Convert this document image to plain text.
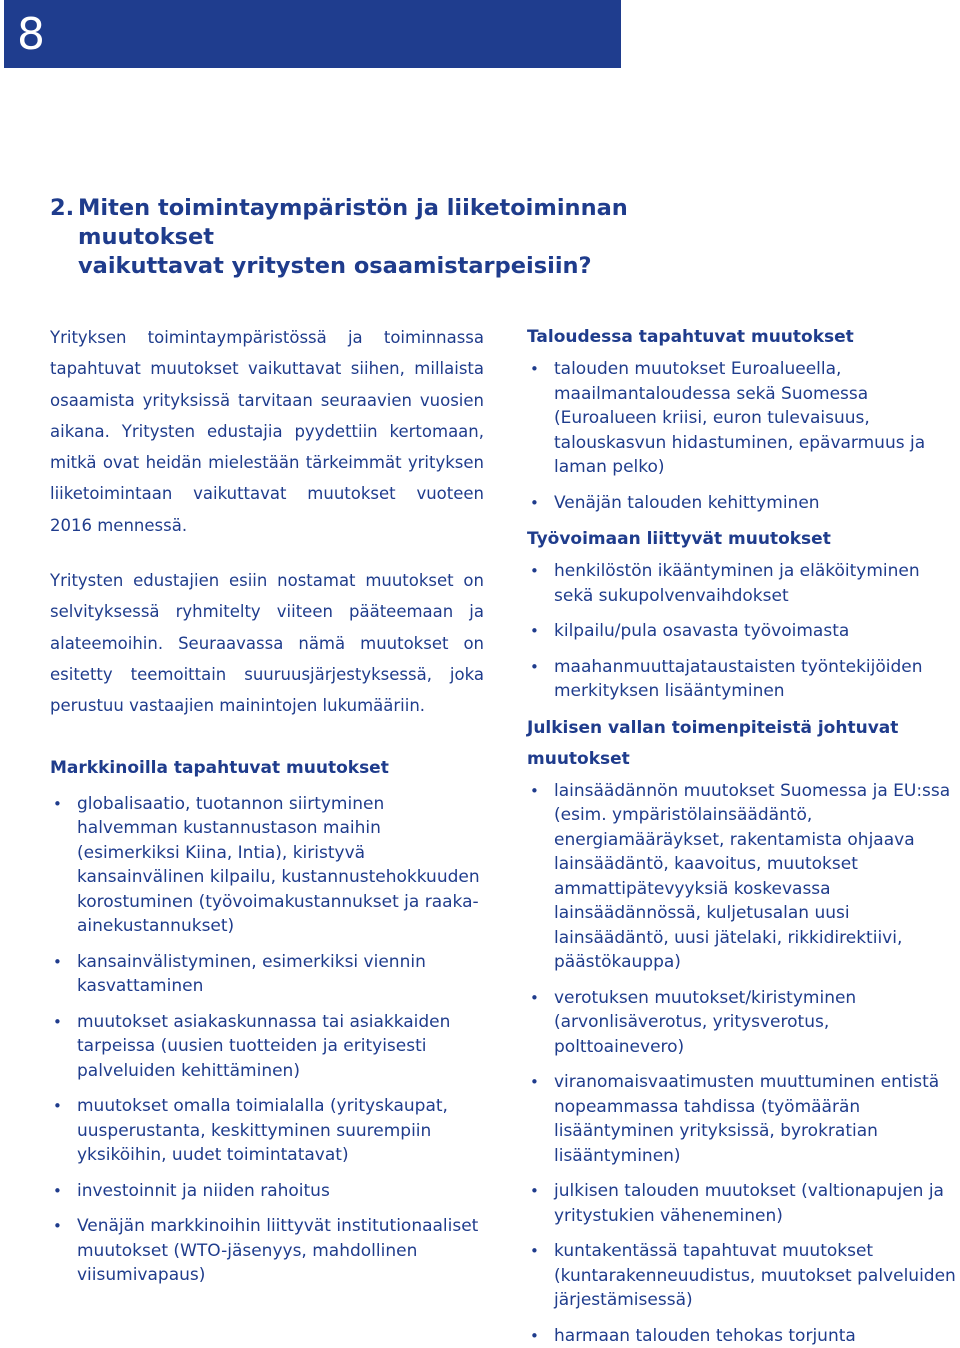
8
2. Miten toimintaympäristön ja liiketoiminnan muutokset
vaikuttavat yritysten osaamistarpeisiin?

Yrityksen toimintaympäristössä ja toiminnassa tapahtuvat muutokset vaikuttavat siihen, millaista osaamista yrityksissä tarvitaan seuraavien vuosien aikana. Yritysten edustajia pyydettiin kertomaan, mitkä ovat heidän mielestään tärkeimmät yrityksen liiketoimintaan vaikuttavat muutokset vuoteen 2016 mennessä.

Yritysten edustajien esiin nostamat muutokset on selvityksessä ryhmitelty viiteen pääteemaan ja alateemoihin. Seuraavassa nämä muutokset on esitetty teemoittain suuruusjärjestyksessä, joka perustuu vastaajien mainintojen lukumääriin.

Markkinoilla tapahtuvat muutokset
• globalisaatio, tuotannon siirtyminen halvemman kustannustason maihin (esimerkiksi Kiina, Intia), kiristyvä kansainvälinen kilpailu, kustannustehokkuuden korostuminen (työvoimakustannukset ja raaka-ainekustannukset)
• kansainvälistyminen, esimerkiksi viennin kasvattaminen
• muutokset asiakaskunnassa tai asiakkaiden tarpeissa (uusien tuotteiden ja erityisesti palveluiden kehittäminen)
• muutokset omalla toimialalla (yrityskaupat, uusperustanta, keskittyminen suurempiin yksiköihin, uudet toimintatavat)
• investoinnit ja niiden rahoitus
• Venäjän markkinoihin liittyvät institutionaaliset muutokset (WTO-jäsenyys, mahdollinen viisumivapaus)
Taloudessa tapahtuvat muutokset
• talouden muutokset Euroalueella, maailmantaloudessa sekä Suomessa (Euroalueen kriisi, euron tulevaisuus, talouskasvun hidastuminen, epävarmuus ja laman pelko)
• Venäjän talouden kehittyminen
Työvoimaan liittyvät muutokset
• henkilöstön ikääntyminen ja eläköityminen sekä sukupolvenvaihdokset
• kilpailu/pula osavasta työvoimasta
• maahanmuuttajataustaisten työntekijöiden merkityksen lisääntyminen
Julkisen vallan toimenpiteistä johtuvat muutokset
• lainsäädännön muutokset Suomessa ja EU:ssa (esim. ympäristölainsäädäntö, energiamääräykset, rakentamista ohjaava lainsäädäntö, kaavoitus, muutokset ammattipätevyyksiä koskevassa lainsäädännössä, kuljetusalan uusi lainsäädäntö, uusi jätelaki, rikkidirektiivi, päästökauppa)
• verotuksen muutokset/kiristyminen (arvonlisäverotus, yritysverotus, polttoainevero)
• viranomaisvaatimusten muuttuminen entistä nopeammassa tahdissa (työmäärän lisääntyminen yrityksissä, byrokratian lisääntyminen)
• julkisen talouden muutokset (valtionapujen ja yritystukien väheneminen)
• kuntakentässä tapahtuvat muutokset (kuntarakenneuudistus, muutokset palveluiden järjestämisessä)
• harmaan talouden tehokas torjunta
